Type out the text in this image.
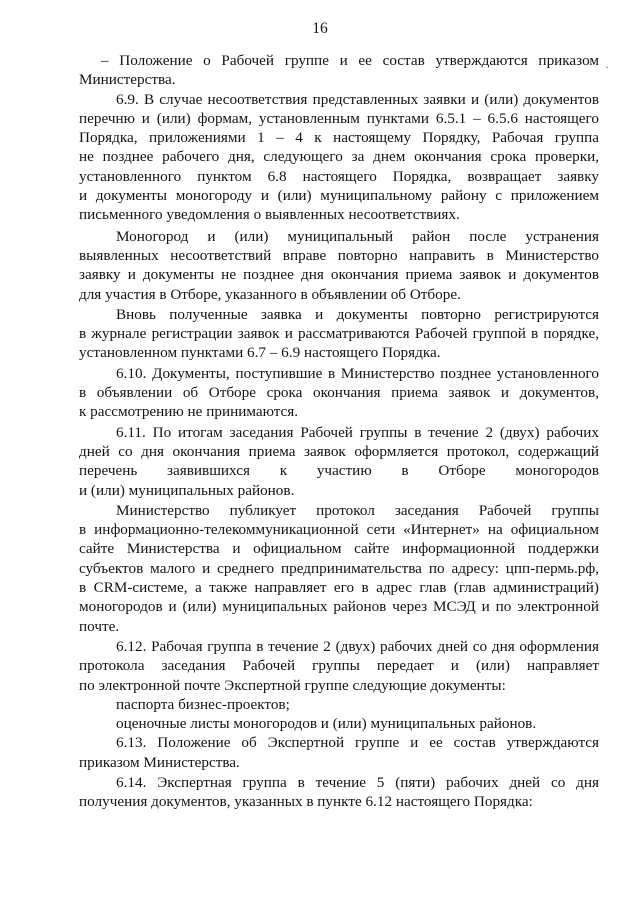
16
·
– Положение о Рабочей группе и ее состав утверждаются приказом
Министерства.
6.9. В случае несоответствия представленных заявки и (или) документов
перечню и (или) формам, установленным пунктами 6.5.1 – 6.5.6 настоящего
Порядка, приложениями 1 – 4 к настоящему Порядку, Рабочая группа
не позднее рабочего дня, следующего за днем окончания срока проверки,
установленного пунктом 6.8 настоящего Порядка, возвращает заявку
и документы моногороду и (или) муниципальному району с приложением
письменного уведомления о выявленных несоответствиях.
Моногород и (или) муниципальный район после устранения
выявленных несоответствий вправе повторно направить в Министерство
заявку и документы не позднее дня окончания приема заявок и документов
для участия в Отборе, указанного в объявлении об Отборе.
Вновь полученные заявка и документы повторно регистрируются
в журнале регистрации заявок и рассматриваются Рабочей группой в порядке,
установленном пунктами 6.7 – 6.9 настоящего Порядка.
6.10. Документы, поступившие в Министерство позднее установленного
в объявлении об Отборе срока окончания приема заявок и документов,
к рассмотрению не принимаются.
6.11. По итогам заседания Рабочей группы в течение 2 (двух) рабочих
дней со дня окончания приема заявок оформляется протокол, содержащий
перечень заявившихся к участию в Отборе моногородов
и (или) муниципальных районов.
Министерство публикует протокол заседания Рабочей группы
в информационно-телекоммуникационной сети «Интернет» на официальном
сайте Министерства и официальном сайте информационной поддержки
субъектов малого и среднего предпринимательства по адресу: цпп-пермь.рф,
в CRM-системе, а также направляет его в адрес глав (глав администраций)
моногородов и (или) муниципальных районов через МСЭД и по электронной
почте.
6.12. Рабочая группа в течение 2 (двух) рабочих дней со дня оформления
протокола заседания Рабочей группы передает и (или) направляет
по электронной почте Экспертной группе следующие документы:
паспорта бизнес-проектов;
оценочные листы моногородов и (или) муниципальных районов.
6.13. Положение об Экспертной группе и ее состав утверждаются
приказом Министерства.
6.14. Экспертная группа в течение 5 (пяти) рабочих дней со дня
получения документов, указанных в пункте 6.12 настоящего Порядка:
